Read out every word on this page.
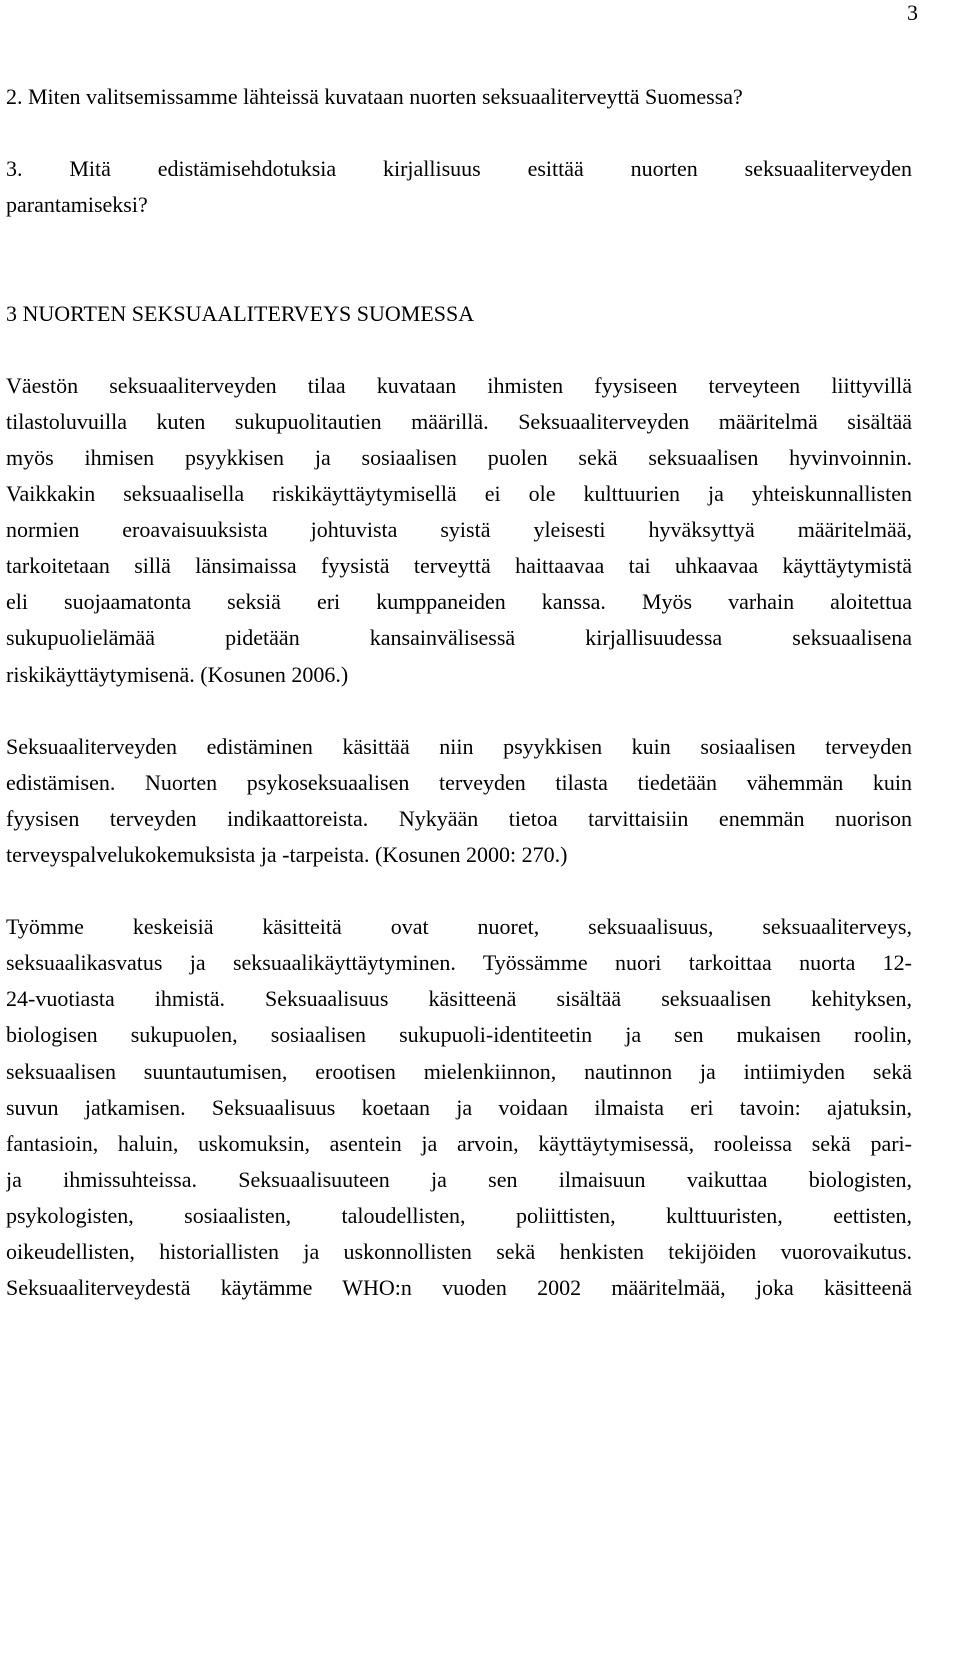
3
2. Miten valitsemissamme lähteissä kuvataan nuorten seksuaaliterveyttä Suomessa?
3. Mitä edistämisehdotuksia kirjallisuus esittää nuorten seksuaaliterveyden
parantamiseksi?
3 NUORTEN SEKSUAALITERVEYS SUOMESSA
Väestön seksuaaliterveyden tilaa kuvataan ihmisten fyysiseen terveyteen liittyvillä
tilastoluvuilla kuten sukupuolitautien määrillä. Seksuaaliterveyden määritelmä sisältää
myös ihmisen psyykkisen ja sosiaalisen puolen sekä seksuaalisen hyvinvoinnin.
Vaikkakin seksuaalisella riskikäyttäytymisellä ei ole kulttuurien ja yhteiskunnallisten
normien eroavaisuuksista johtuvista syistä yleisesti hyväksyttyä määritelmää,
tarkoitetaan sillä länsimaissa fyysistä terveyttä haittaavaa tai uhkaavaa käyttäytymistä
eli suojaamatonta seksiä eri kumppaneiden kanssa. Myös varhain aloitettua
sukupuolielämää pidetään kansainvälisessä kirjallisuudessa seksuaalisena
riskikäyttäytymisenä. (Kosunen 2006.)
Seksuaaliterveyden edistäminen käsittää niin psyykkisen kuin sosiaalisen terveyden
edistämisen. Nuorten psykoseksuaalisen terveyden tilasta tiedetään vähemmän kuin
fyysisen terveyden indikaattoreista. Nykyään tietoa tarvittaisiin enemmän nuorison
terveyspalvelukokemuksista ja -tarpeista. (Kosunen 2000: 270.)
Työmme keskeisiä käsitteitä ovat nuoret, seksuaalisuus, seksuaaliterveys,
seksuaalikasvatus ja seksuaalikäyttäytyminen. Työssämme nuori tarkoittaa nuorta 12-
24-vuotiasta ihmistä. Seksuaalisuus käsitteenä sisältää seksuaalisen kehityksen,
biologisen sukupuolen, sosiaalisen sukupuoli-identiteetin ja sen mukaisen roolin,
seksuaalisen suuntautumisen, erootisen mielenkiinnon, nautinnon ja intiimiyden sekä
suvun jatkamisen. Seksuaalisuus koetaan ja voidaan ilmaista eri tavoin: ajatuksin,
fantasioin, haluin, uskomuksin, asentein ja arvoin, käyttäytymisessä, rooleissa sekä pari-
ja ihmissuhteissa. Seksuaalisuuteen ja sen ilmaisuun vaikuttaa biologisten,
psykologisten, sosiaalisten, taloudellisten, poliittisten, kulttuuristen, eettisten,
oikeudellisten, historiallisten ja uskonnollisten sekä henkisten tekijöiden vuorovaikutus.
Seksuaaliterveydestä käytämme WHO:n vuoden 2002 määritelmää, joka käsitteenä
